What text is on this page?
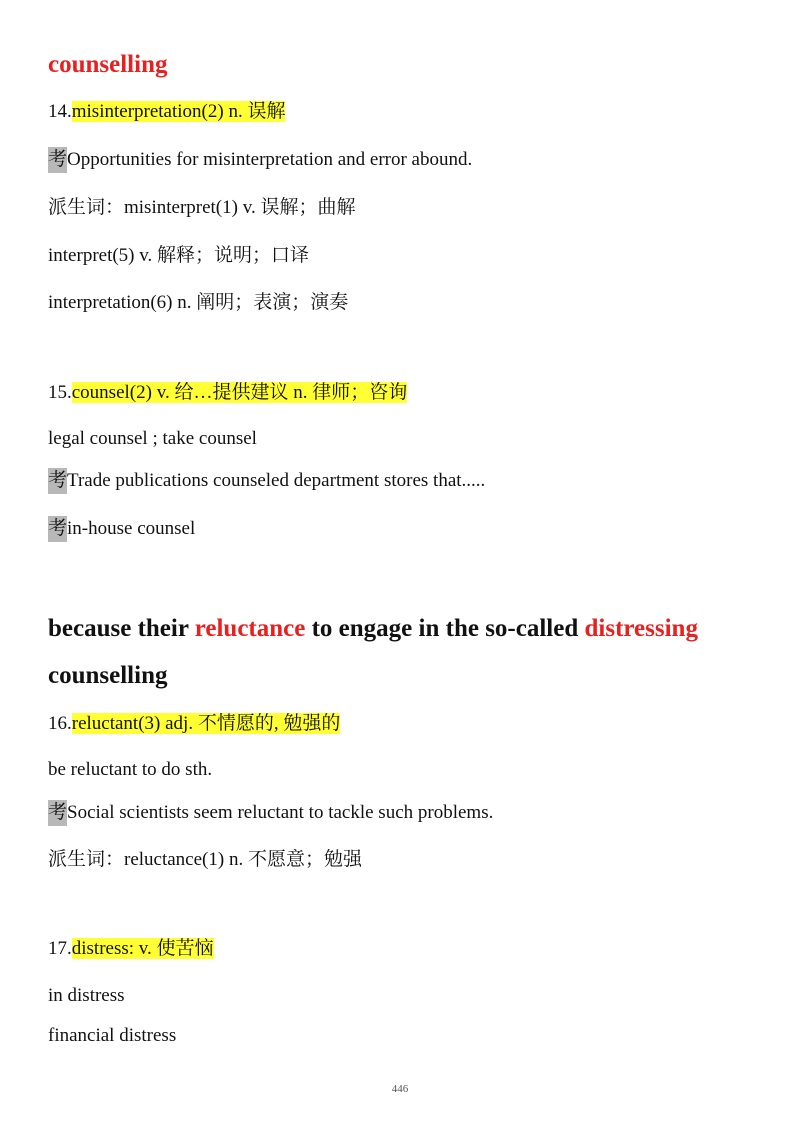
counselling
14.misinterpretation(2) n. 误解
考Opportunities for misinterpretation and error abound.
派生词：misinterpret(1) v. 误解；曲解
interpret(5) v. 解释；说明；口译
interpretation(6) n. 阐明；表演；演奏
15.counsel(2) v. 给…提供建议 n. 律师；咨询
legal counsel ; take counsel
考Trade publications counseled department stores that.....
考in-house counsel
because their reluctance to engage in the so-called distressing
counselling
16.reluctant(3) adj. 不情愿的, 勉强的
be reluctant to do sth.
考Social scientists seem reluctant to tackle such problems.
派生词：reluctance(1) n. 不愿意；勉强
17.distress: v. 使苦恼
in distress
financial distress
446
